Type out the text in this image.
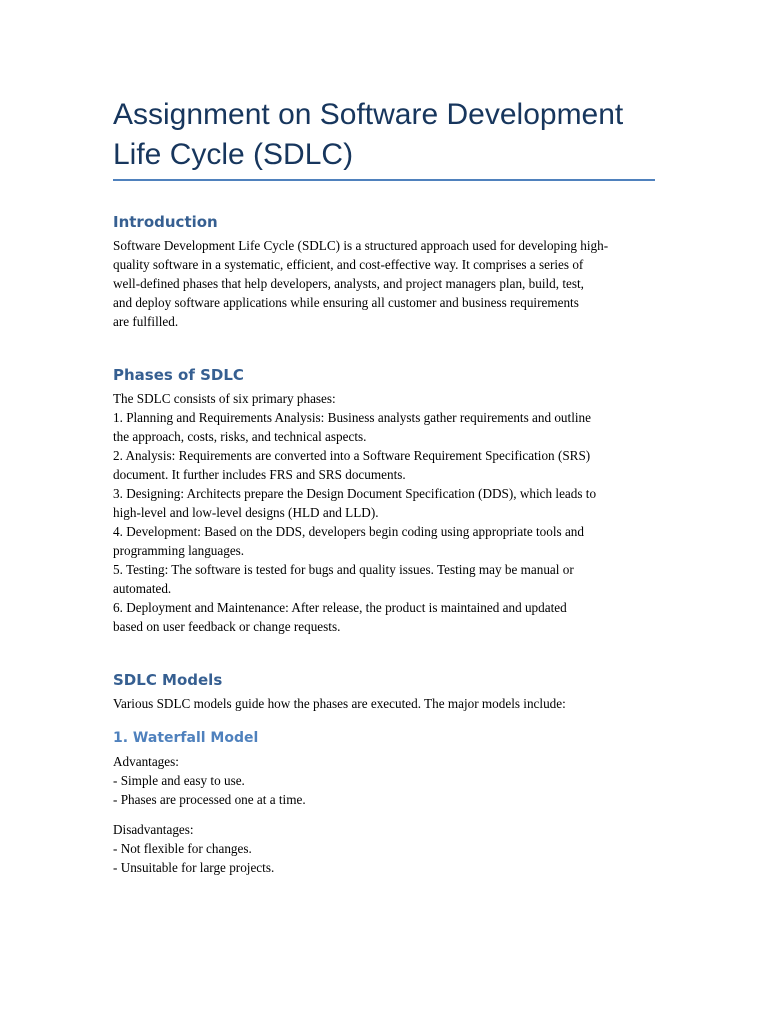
Assignment on Software Development Life Cycle (SDLC)
Introduction

Software Development Life Cycle (SDLC) is a structured approach used for developing high-
quality software in a systematic, efficient, and cost-effective way. It comprises a series of
well-defined phases that help developers, analysts, and project managers plan, build, test,
and deploy software applications while ensuring all customer and business requirements
are fulfilled.

Phases of SDLC

The SDLC consists of six primary phases:
1. Planning and Requirements Analysis: Business analysts gather requirements and outline
the approach, costs, risks, and technical aspects.
2. Analysis: Requirements are converted into a Software Requirement Specification (SRS)
document. It further includes FRS and SRS documents.
3. Designing: Architects prepare the Design Document Specification (DDS), which leads to
high-level and low-level designs (HLD and LLD).
4. Development: Based on the DDS, developers begin coding using appropriate tools and
programming languages.
5. Testing: The software is tested for bugs and quality issues. Testing may be manual or
automated.
6. Deployment and Maintenance: After release, the product is maintained and updated
based on user feedback or change requests.

SDLC Models

Various SDLC models guide how the phases are executed. The major models include:

1. Waterfall Model

Advantages:
- Simple and easy to use.
- Phases are processed one at a time.

Disadvantages:
- Not flexible for changes.
- Unsuitable for large projects.
